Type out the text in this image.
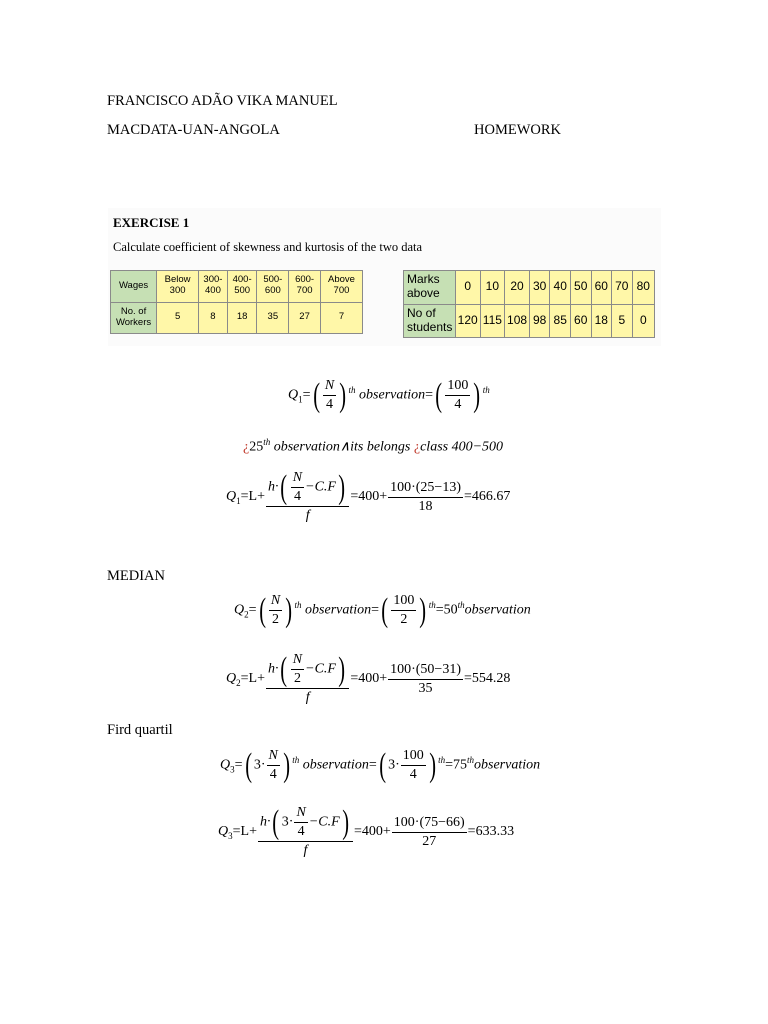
FRANCISCO ADÃO VIKA MANUEL
MACDATA-UAN-ANGOLA	HOMEWORK
EXERCISE 1
Calculate coefficient of skewness and kurtosis of the two data
Wages	Below 300	300-400	400-500	500-600	600-700	Above 700
No. of Workers	5	8	18	35	27	7
Marks above	0	10	20	30	40	50	60	70	80
No of students	120	115	108	98	85	60	18	5	0
$Q_1=( \frac{N}{4}$ ) $^{th}$ observation=( $\frac{100}{4}$ ) $^{th}$
¿25th observation∧its belongs ¿class 400−500
$Q_1=L+ \frac{h\cdot( \frac{N}{4} -C.F)}{f} =400+ \frac{100\cdot(25-13)}{18} =466.67$
MEDIAN
$Q_2=( \frac{N}{2}$ ) $^{th}$ observation=( $\frac{100}{2}$ ) $^{th}$=50thobservation
$Q_2=L+ \frac{h\cdot( \frac{N}{2} -C.F)}{f} =400+ \frac{100\cdot(50-31)}{35} =554.28$
Fird quartil
$Q_3=$( $3\cdot \frac{N}{4}$ ) $^{th}$ observation=( $3\cdot \frac{100}{4}$ ) $^{th}$=75thobservation
$Q_3=L+ \frac{h\cdot( 3\cdot \frac{N}{4} -C.F)}{f} =400+ \frac{100\cdot(75-66)}{27} =633.33$
